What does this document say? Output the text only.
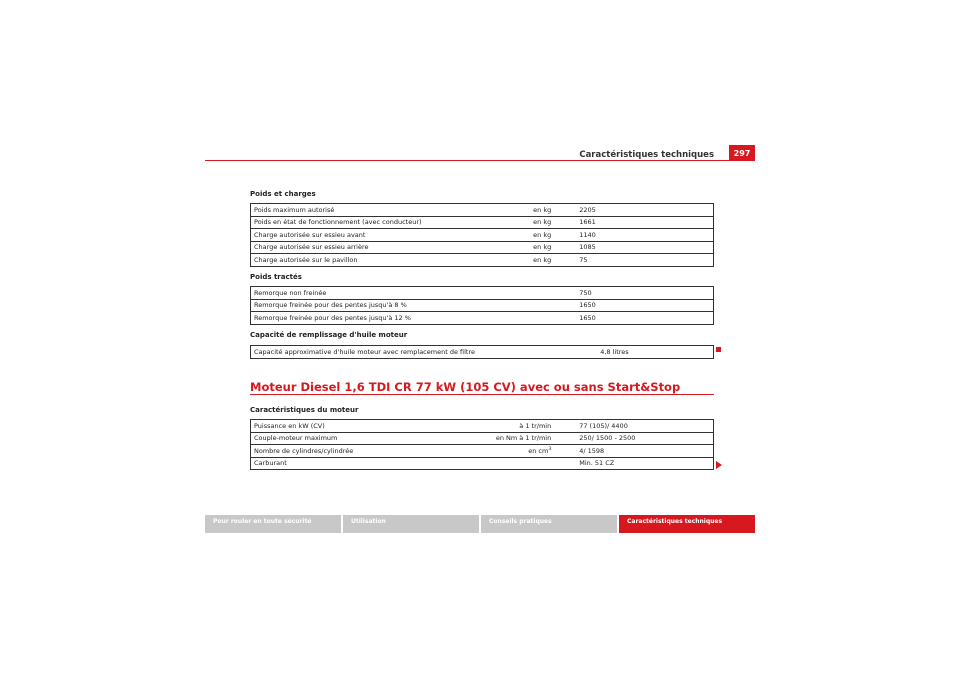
Caractéristiques techniques	297
Poids et charges
Poids maximum autorisé	en kg	2205
Poids en état de fonctionnement (avec conducteur)	en kg	1661
Charge autorisée sur essieu avant	en kg	1140
Charge autorisée sur essieu arrière	en kg	1085
Charge autorisée sur le pavillon	en kg	75
Poids tractés
Remorque non freinée		750
Remorque freinée pour des pentes jusqu'à 8 %		1650
Remorque freinée pour des pentes jusqu'à 12 %		1650
Capacité de remplissage d'huile moteur
Capacité approximative d'huile moteur avec remplacement de filtre		4,8 litres
Moteur Diesel 1,6 TDI CR 77 kW (105 CV) avec ou sans Start&Stop
Caractéristiques du moteur
Puissance en kW (CV)	à 1 tr/min	77 (105)/ 4400
Couple-moteur maximum	en Nm à 1 tr/min	250/ 1500 - 2500
Nombre de cylindres/cylindrée	en $cm^3$	4/ 1598
Carburant		Min. 51 CZ
Pour rouler en toute sécurité	Utilisation	Conseils pratiques	Caractéristiques techniques
